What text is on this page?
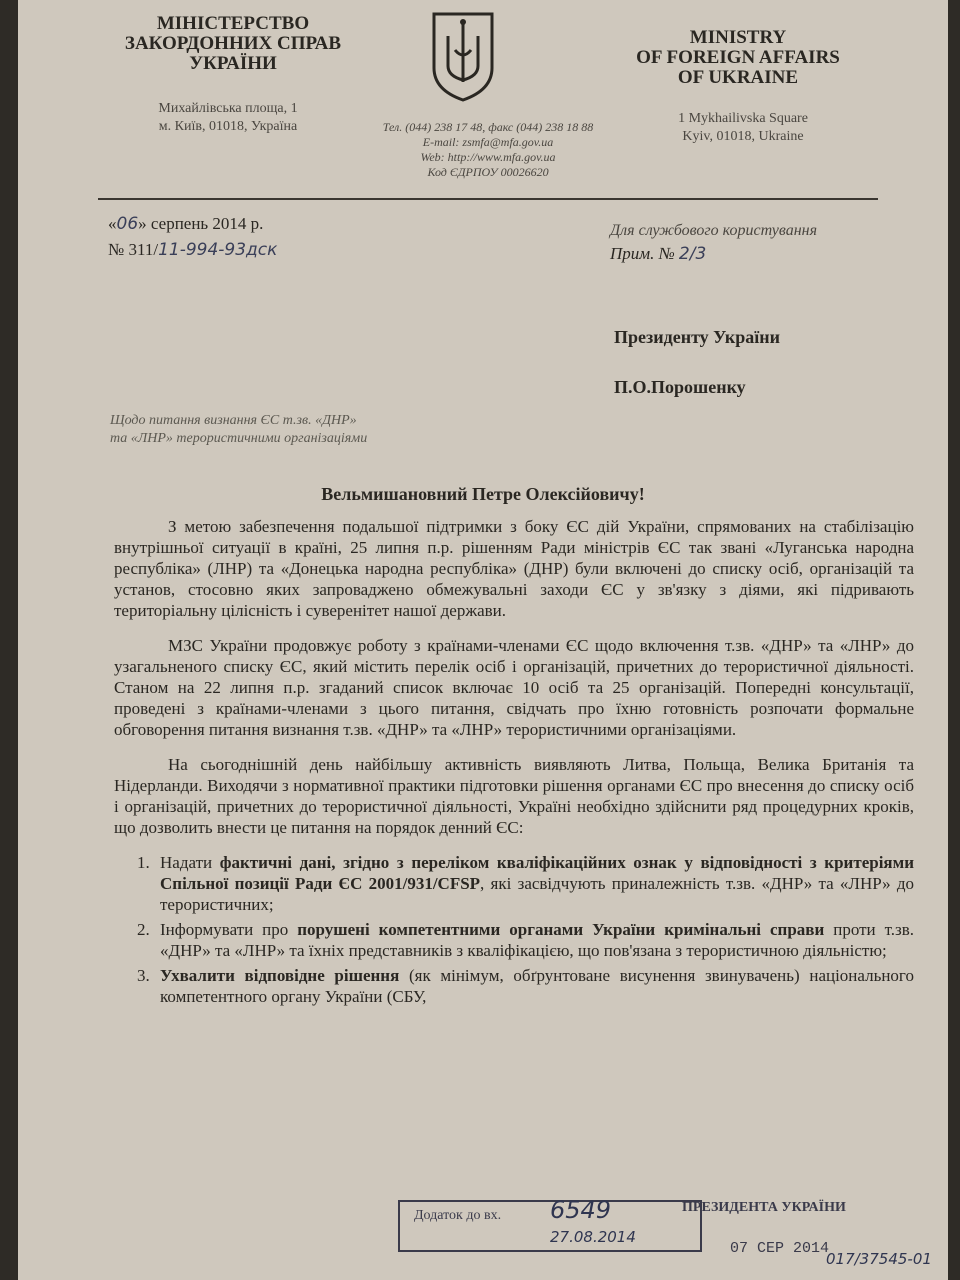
МІНІСТЕРСТВО
ЗАКОРДОННИХ СПРАВ
УКРАЇНИ
Михайлівська площа, 1
м. Київ, 01018, Україна	Тел. (044) 238 17 48, факс (044) 238 18 88
E-mail: zsmfa@mfa.gov.ua
Web: http://www.mfa.gov.ua
Код ЄДРПОУ 00026620
MINISTRY
OF FOREIGN AFFAIRS
OF UKRAINE
1 Mykhailivska Square
Kyiv, 01018, Ukraine
«06» серпень 2014 р.
№ 311/11-994-93дск
Для службового користування
Прим. № 2/3
Президенту України
П.О.Порошенку
Щодо питання визнання ЄС т.зв. «ДНР»
та «ЛНР» терористичними організаціями
Вельмишановний Петре Олексійовичу!

З метою забезпечення подальшої підтримки з боку ЄС дій України, спрямованих на стабілізацію внутрішньої ситуації в країні, 25 липня п.р. рішенням Ради міністрів ЄС так звані «Луганська народна республіка» (ЛНР) та «Донецька народна республіка» (ДНР) були включені до списку осіб, організацій та установ, стосовно яких запроваджено обмежувальні заходи ЄС у зв'язку з діями, які підривають територіальну цілісність і суверенітет нашої держави.

МЗС України продовжує роботу з країнами-членами ЄС щодо включення т.зв. «ДНР» та «ЛНР» до узагальненого списку ЄС, який містить перелік осіб і організацій, причетних до терористичної діяльності. Станом на 22 липня п.р. згаданий список включає 10 осіб та 25 організацій. Попередні консультації, проведені з країнами-членами з цього питання, свідчать про їхню готовність розпочати формальне обговорення питання визнання т.зв. «ДНР» та «ЛНР» терористичними організаціями.

На сьогоднішній день найбільшу активність виявляють Литва, Польща, Велика Британія та Нідерланди. Виходячи з нормативної практики підготовки рішення органами ЄС про внесення до списку осіб і організацій, причетних до терористичної діяльності, Україні необхідно здійснити ряд процедурних кроків, що дозволить внести це питання на порядок денний ЄС:

1. Надати фактичні дані, згідно з переліком кваліфікаційних ознак у відповідності з критеріями Спільної позиції Ради ЄС 2001/931/CFSP, які засвідчують приналежність т.зв. «ДНР» та «ЛНР» до терористичних;
2. Інформувати про порушені компетентними органами України кримінальні справи проти т.зв. «ДНР» та «ЛНР» та їхніх представників з кваліфікацією, що пов'язана з терористичною діяльністю;
3. Ухвалити відповідне рішення (як мінімум, обґрунтоване висунення звинувачень) національного компетентного органу України (СБУ,
Додаток до вх. 6549
27.08.2014
ПРЕЗИДЕНТА УКРАЇНИ
07 СЕР 2014
017/37545-01
